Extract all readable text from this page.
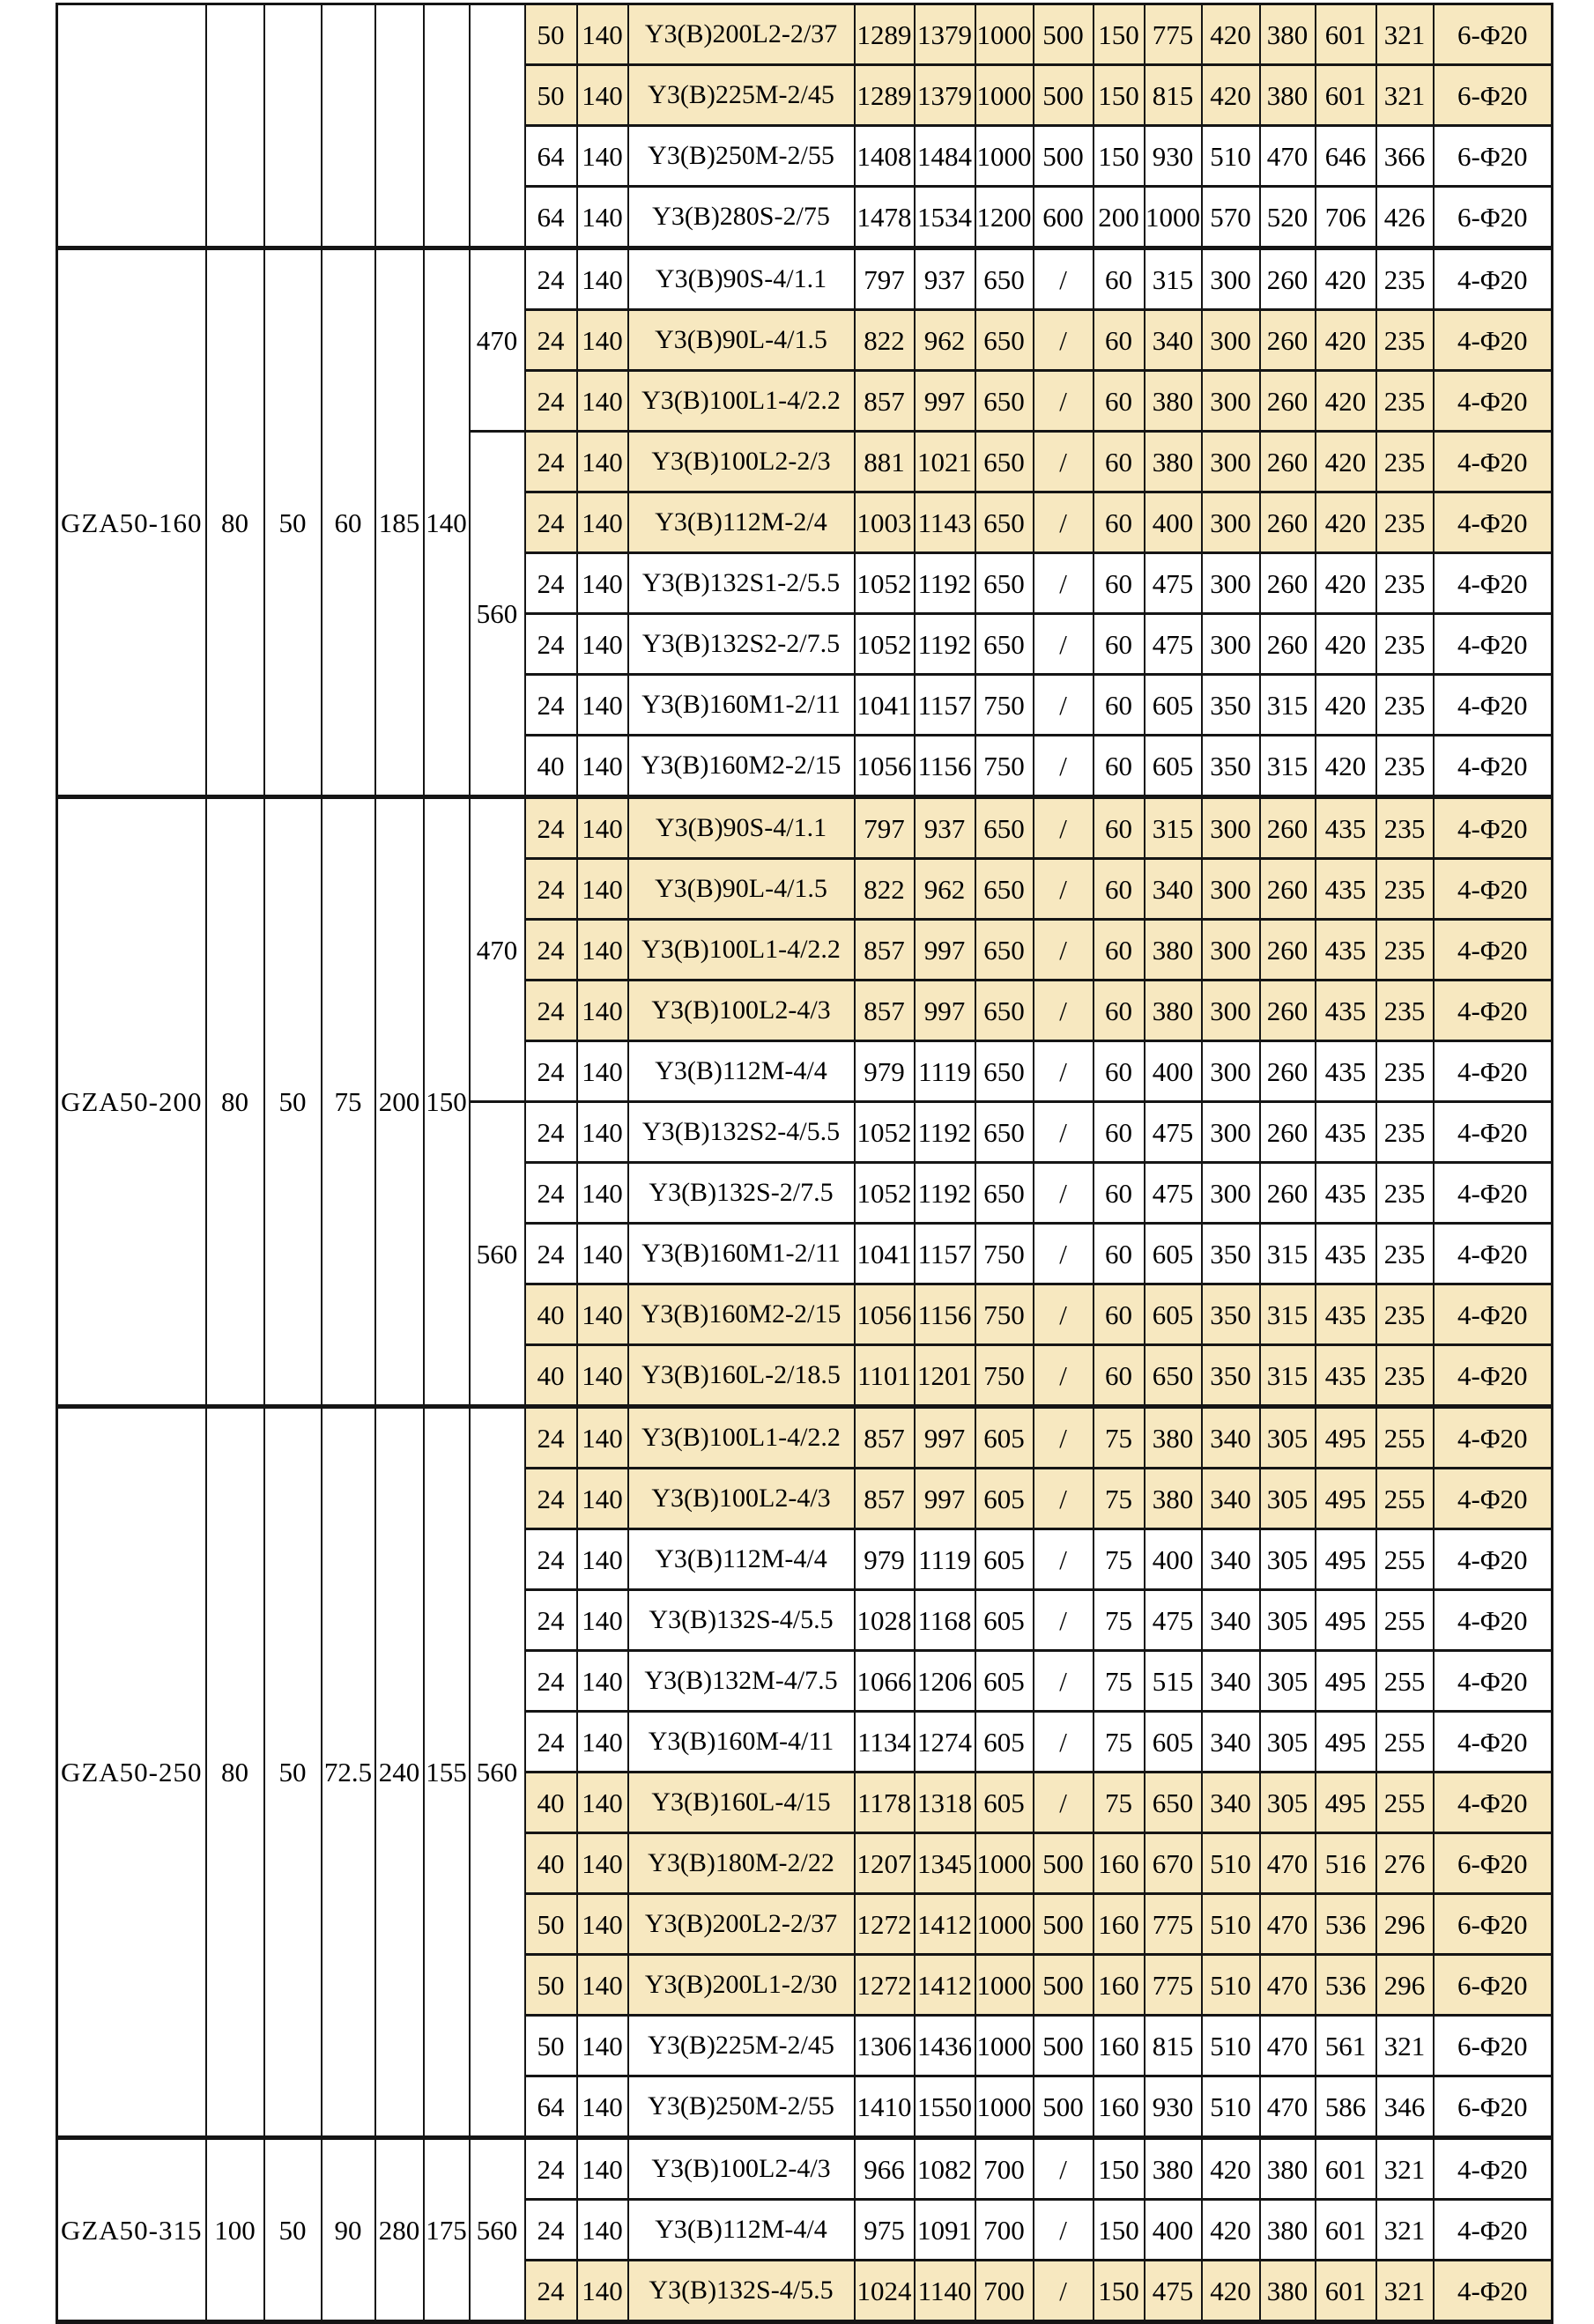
							50	140	Y3(B)200L2-2/37	1289	1379	1000	500	150	775	420	380	601	321	6-Φ20
							50	140	Y3(B)225M-2/45	1289	1379	1000	500	150	815	420	380	601	321	6-Φ20
							64	140	Y3(B)250M-2/55	1408	1484	1000	500	150	930	510	470	646	366	6-Φ20
							64	140	Y3(B)280S-2/75	1478	1534	1200	600	200	1000	570	520	706	426	6-Φ20
GZA50-160	80	50	60	185	140	470	24	140	Y3(B)90S-4/1.1	797	937	650	/	60	315	300	260	420	235	4-Φ20
							24	140	Y3(B)90L-4/1.5	822	962	650	/	60	340	300	260	420	235	4-Φ20
							24	140	Y3(B)100L1-4/2.2	857	997	650	/	60	380	300	260	420	235	4-Φ20
						560	24	140	Y3(B)100L2-2/3	881	1021	650	/	60	380	300	260	420	235	4-Φ20
							24	140	Y3(B)112M-2/4	1003	1143	650	/	60	400	300	260	420	235	4-Φ20
							24	140	Y3(B)132S1-2/5.5	1052	1192	650	/	60	475	300	260	420	235	4-Φ20
							24	140	Y3(B)132S2-2/7.5	1052	1192	650	/	60	475	300	260	420	235	4-Φ20
							24	140	Y3(B)160M1-2/11	1041	1157	750	/	60	605	350	315	420	235	4-Φ20
							40	140	Y3(B)160M2-2/15	1056	1156	750	/	60	605	350	315	420	235	4-Φ20
GZA50-200	80	50	75	200	150	470	24	140	Y3(B)90S-4/1.1	797	937	650	/	60	315	300	260	435	235	4-Φ20
							24	140	Y3(B)90L-4/1.5	822	962	650	/	60	340	300	260	435	235	4-Φ20
							24	140	Y3(B)100L1-4/2.2	857	997	650	/	60	380	300	260	435	235	4-Φ20
							24	140	Y3(B)100L2-4/3	857	997	650	/	60	380	300	260	435	235	4-Φ20
							24	140	Y3(B)112M-4/4	979	1119	650	/	60	400	300	260	435	235	4-Φ20
						560	24	140	Y3(B)132S2-4/5.5	1052	1192	650	/	60	475	300	260	435	235	4-Φ20
							24	140	Y3(B)132S-2/7.5	1052	1192	650	/	60	475	300	260	435	235	4-Φ20
							24	140	Y3(B)160M1-2/11	1041	1157	750	/	60	605	350	315	435	235	4-Φ20
							40	140	Y3(B)160M2-2/15	1056	1156	750	/	60	605	350	315	435	235	4-Φ20
							40	140	Y3(B)160L-2/18.5	1101	1201	750	/	60	650	350	315	435	235	4-Φ20
GZA50-250	80	50	72.5	240	155	560	24	140	Y3(B)100L1-4/2.2	857	997	605	/	75	380	340	305	495	255	4-Φ20
							24	140	Y3(B)100L2-4/3	857	997	605	/	75	380	340	305	495	255	4-Φ20
							24	140	Y3(B)112M-4/4	979	1119	605	/	75	400	340	305	495	255	4-Φ20
							24	140	Y3(B)132S-4/5.5	1028	1168	605	/	75	475	340	305	495	255	4-Φ20
							24	140	Y3(B)132M-4/7.5	1066	1206	605	/	75	515	340	305	495	255	4-Φ20
							24	140	Y3(B)160M-4/11	1134	1274	605	/	75	605	340	305	495	255	4-Φ20
							40	140	Y3(B)160L-4/15	1178	1318	605	/	75	650	340	305	495	255	4-Φ20
							40	140	Y3(B)180M-2/22	1207	1345	1000	500	160	670	510	470	516	276	6-Φ20
							50	140	Y3(B)200L2-2/37	1272	1412	1000	500	160	775	510	470	536	296	6-Φ20
							50	140	Y3(B)200L1-2/30	1272	1412	1000	500	160	775	510	470	536	296	6-Φ20
							50	140	Y3(B)225M-2/45	1306	1436	1000	500	160	815	510	470	561	321	6-Φ20
							64	140	Y3(B)250M-2/55	1410	1550	1000	500	160	930	510	470	586	346	6-Φ20
GZA50-315	100	50	90	280	175	560	24	140	Y3(B)100L2-4/3	966	1082	700	/	150	380	420	380	601	321	4-Φ20
							24	140	Y3(B)112M-4/4	975	1091	700	/	150	400	420	380	601	321	4-Φ20
							24	140	Y3(B)132S-4/5.5	1024	1140	700	/	150	475	420	380	601	321	4-Φ20
